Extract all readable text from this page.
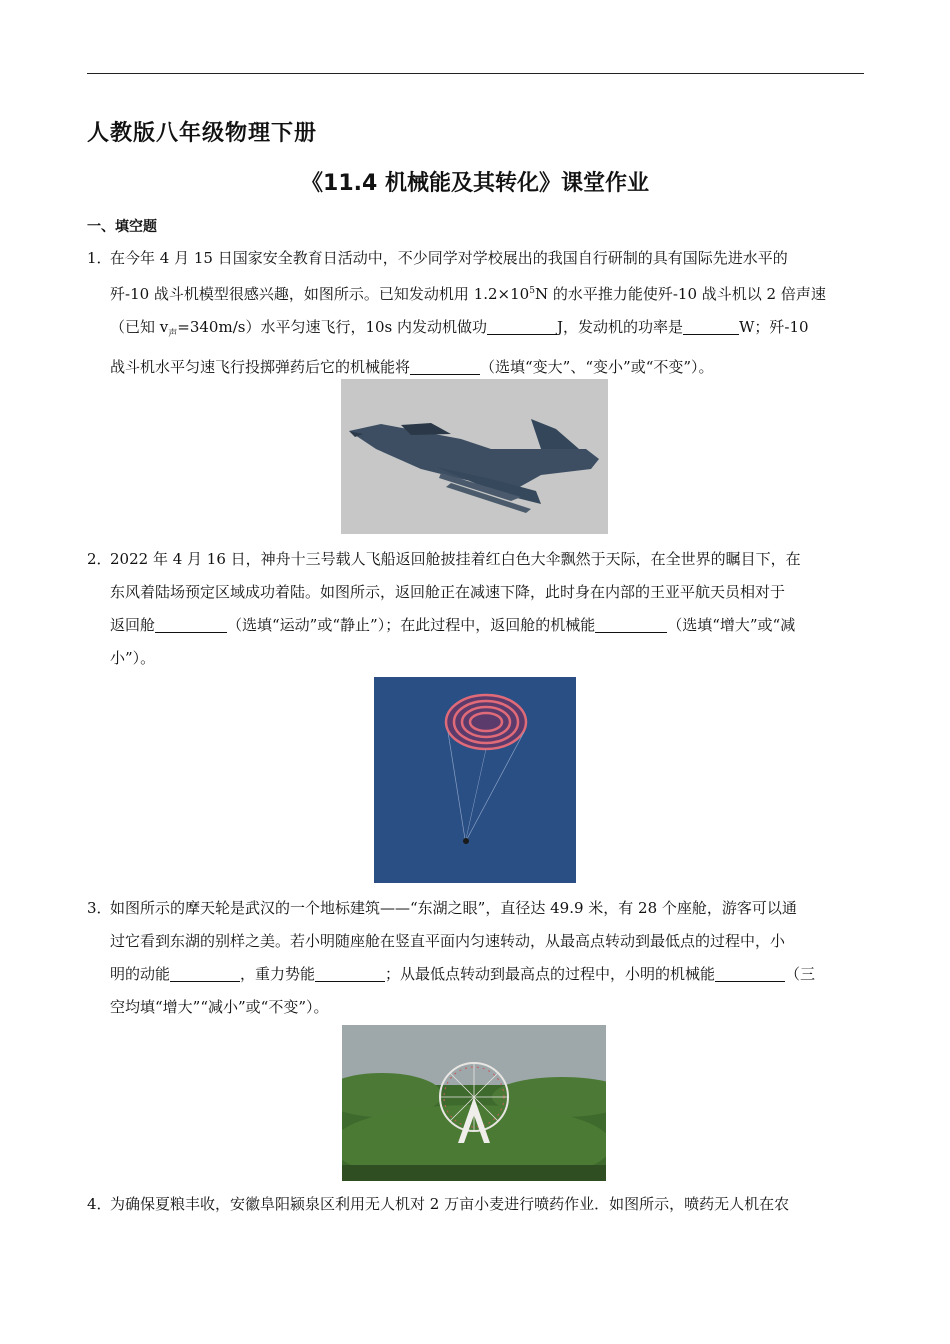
人教版八年级物理下册
《11.4 机械能及其转化》课堂作业
一、填空题
1．
在今年 4 月 15 日国家安全教育日活动中，不少同学对学校展出的我国自行研制的具有国际先进水平的
歼-10 战斗机模型很感兴趣，如图所示。已知发动机用 $1.2\times 10^5N$ 的水平推力能使歼-10 战斗机以 2 倍声速
（已知 $v_声=340m/s$）水平匀速飞行，10s 内发动机做功	J，发动机的功率是	W；歼-10
战斗机水平匀速飞行投掷弹药后它的机械能将	（选填“变大”、“变小”或“不变”）。
2．
2022 年 4 月 16 日，神舟十三号载人飞船返回舱披挂着红白色大伞飘然于天际，在全世界的瞩目下，在
东风着陆场预定区域成功着陆。如图所示，返回舱正在减速下降，此时身在内部的王亚平航天员相对于
返回舱	（选填“运动”或“静止”）；在此过程中，返回舱的机械能	（选填“增大”或“减
小”）。
3．
如图所示的摩天轮是武汉的一个地标建筑——“东湖之眼”，直径达 49.9 米，有 28 个座舱，游客可以通
过它看到东湖的别样之美。若小明随座舱在竖直平面内匀速转动，从最高点转动到最低点的过程中，小
明的动能	，重力势能	；从最低点转动到最高点的过程中，小明的机械能	（三
空均填“增大”“减小”或“不变”）。
4．
为确保夏粮丰收，安徽阜阳颍泉区利用无人机对 2 万亩小麦进行喷药作业．如图所示，喷药无人机在农
